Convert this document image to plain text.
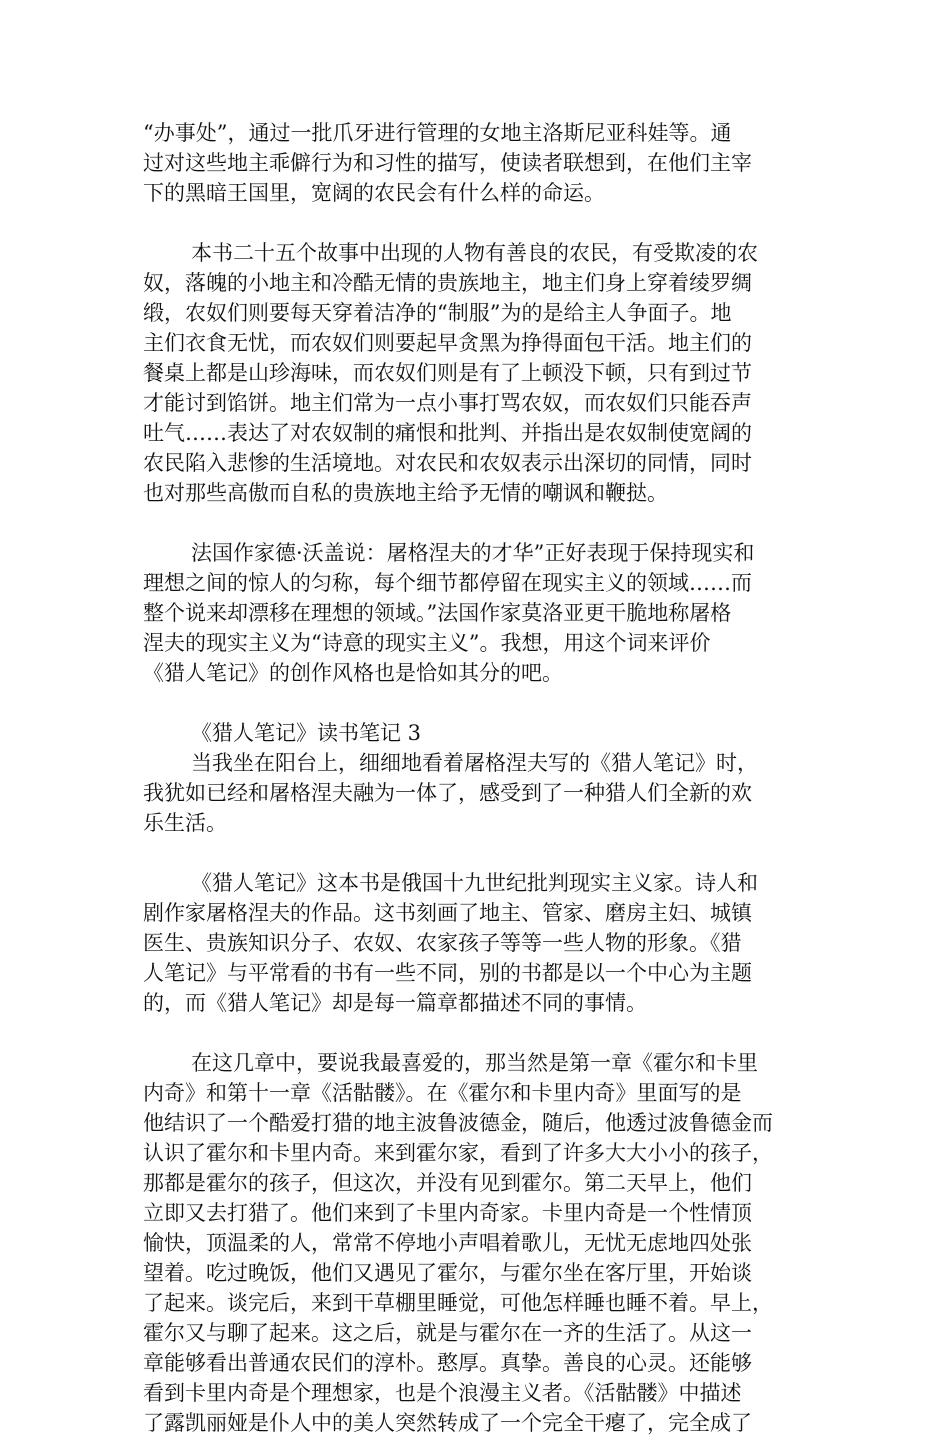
“办事处”，通过一批爪牙进行管理的女地主洛斯尼亚科娃等。通
过对这些地主乖僻行为和习性的描写，使读者联想到，在他们主宰
下的黑暗王国里，宽阔的农民会有什么样的命运。
本书二十五个故事中出现的人物有善良的农民，有受欺凌的农
奴，落魄的小地主和冷酷无情的贵族地主，地主们身上穿着绫罗绸
缎，农奴们则要每天穿着洁净的“制服”为的是给主人争面子。地
主们衣食无忧，而农奴们则要起早贪黑为挣得面包干活。地主们的
餐桌上都是山珍海味，而农奴们则是有了上顿没下顿，只有到过节
才能讨到馅饼。地主们常为一点小事打骂农奴，而农奴们只能吞声
吐气……表达了对农奴制的痛恨和批判、并指出是农奴制使宽阔的
农民陷入悲惨的生活境地。对农民和农奴表示出深切的同情，同时
也对那些高傲而自私的贵族地主给予无情的嘲讽和鞭挞。
法国作家德·沃盖说：屠格涅夫的才华”正好表现于保持现实和
理想之间的惊人的匀称，每个细节都停留在现实主义的领域……而
整个说来却漂移在理想的领域。”法国作家莫洛亚更干脆地称屠格
涅夫的现实主义为“诗意的现实主义”。我想，用这个词来评价
《猎人笔记》的创作风格也是恰如其分的吧。
《猎人笔记》读书笔记 3
当我坐在阳台上，细细地看着屠格涅夫写的《猎人笔记》时，
我犹如已经和屠格涅夫融为一体了，感受到了一种猎人们全新的欢
乐生活。
《猎人笔记》这本书是俄国十九世纪批判现实主义家。诗人和
剧作家屠格涅夫的作品。这书刻画了地主、管家、磨房主妇、城镇
医生、贵族知识分子、农奴、农家孩子等等一些人物的形象。《猎
人笔记》与平常看的书有一些不同，别的书都是以一个中心为主题
的，而《猎人笔记》却是每一篇章都描述不同的事情。
在这几章中，要说我最喜爱的，那当然是第一章《霍尔和卡里
内奇》和第十一章《活骷髅》。在《霍尔和卡里内奇》里面写的是
他结识了一个酷爱打猎的地主波鲁波德金，随后，他透过波鲁德金而
认识了霍尔和卡里内奇。来到霍尔家，看到了许多大大小小的孩子，
那都是霍尔的孩子，但这次，并没有见到霍尔。第二天早上，他们
立即又去打猎了。他们来到了卡里内奇家。卡里内奇是一个性情顶
愉快，顶温柔的人，常常不停地小声唱着歌儿，无忧无虑地四处张
望着。吃过晚饭，他们又遇见了霍尔，与霍尔坐在客厅里，开始谈
了起来。谈完后，来到干草棚里睡觉，可他怎样睡也睡不着。早上，
霍尔又与聊了起来。这之后，就是与霍尔在一齐的生活了。从这一
章能够看出普通农民们的淳朴。憨厚。真挚。善良的心灵。还能够
看到卡里内奇是个理想家，也是个浪漫主义者。《活骷髅》中描述
了露凯丽娅是仆人中的美人突然转成了一个完全干瘪了，完全成了
